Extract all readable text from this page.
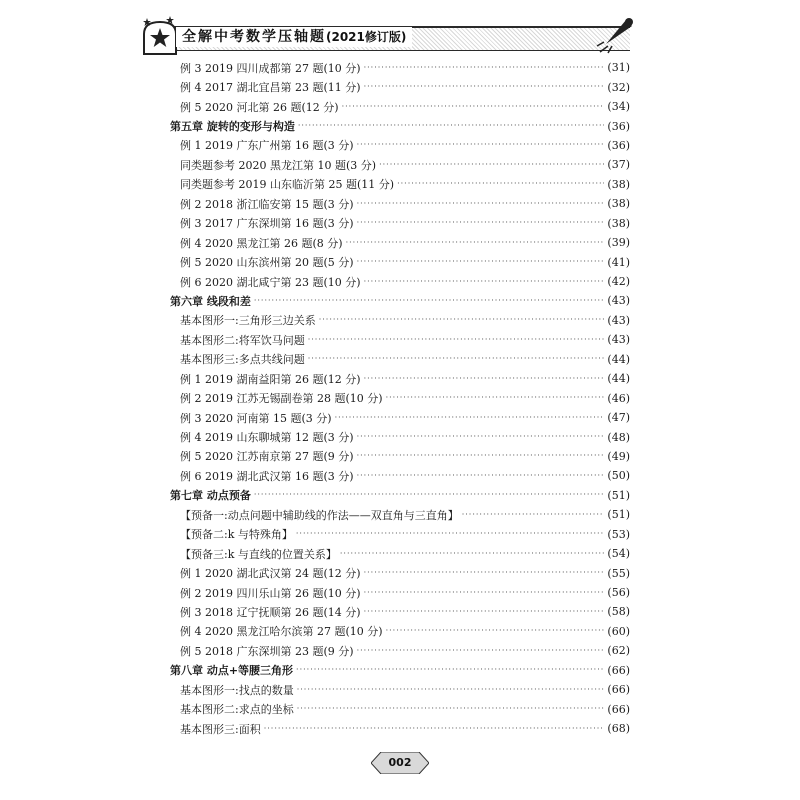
全解中考数学压轴题(2021修订版)
例 3 2019 四川成都第 27 题(10 分) ·····	(31)
例 4 2017 湖北宜昌第 23 题(11 分) ·····	(32)
例 5 2020 河北第 26 题(12 分) ·····	(34)
第五章 旋转的变形与构造 ·····	(36)
例 1 2019 广东广州第 16 题(3 分) ·····	(36)
同类题参考 2020 黑龙江第 10 题(3 分) ·····	(37)
同类题参考 2019 山东临沂第 25 题(11 分) ·····	(38)
例 2 2018 浙江临安第 15 题(3 分) ·····	(38)
例 3 2017 广东深圳第 16 题(3 分) ·····	(38)
例 4 2020 黑龙江第 26 题(8 分) ·····	(39)
例 5 2020 山东滨州第 20 题(5 分) ·····	(41)
例 6 2020 湖北咸宁第 23 题(10 分) ·····	(42)
第六章 线段和差 ·····	(43)
基本图形一:三角形三边关系 ·····	(43)
基本图形二:将军饮马问题 ·····	(43)
基本图形三:多点共线问题 ·····	(44)
例 1 2019 湖南益阳第 26 题(12 分) ·····	(44)
例 2 2019 江苏无锡副卷第 28 题(10 分) ·····	(46)
例 3 2020 河南第 15 题(3 分) ·····	(47)
例 4 2019 山东聊城第 12 题(3 分) ·····	(48)
例 5 2020 江苏南京第 27 题(9 分) ·····	(49)
例 6 2019 湖北武汉第 16 题(3 分) ·····	(50)
第七章 动点预备 ·····	(51)
【预备一:动点问题中辅助线的作法——双直角与三直角】 ·····	(51)
【预备二:k 与特殊角】 ·····	(53)
【预备三:k 与直线的位置关系】 ·····	(54)
例 1 2020 湖北武汉第 24 题(12 分) ·····	(55)
例 2 2019 四川乐山第 26 题(10 分) ·····	(56)
例 3 2018 辽宁抚顺第 26 题(14 分) ·····	(58)
例 4 2020 黑龙江哈尔滨第 27 题(10 分) ·····	(60)
例 5 2018 广东深圳第 23 题(9 分) ·····	(62)
第八章 动点+等腰三角形 ·····	(66)
基本图形一:找点的数量 ·····	(66)
基本图形二:求点的坐标 ·····	(66)
基本图形三:面积 ·····	(68)
002
